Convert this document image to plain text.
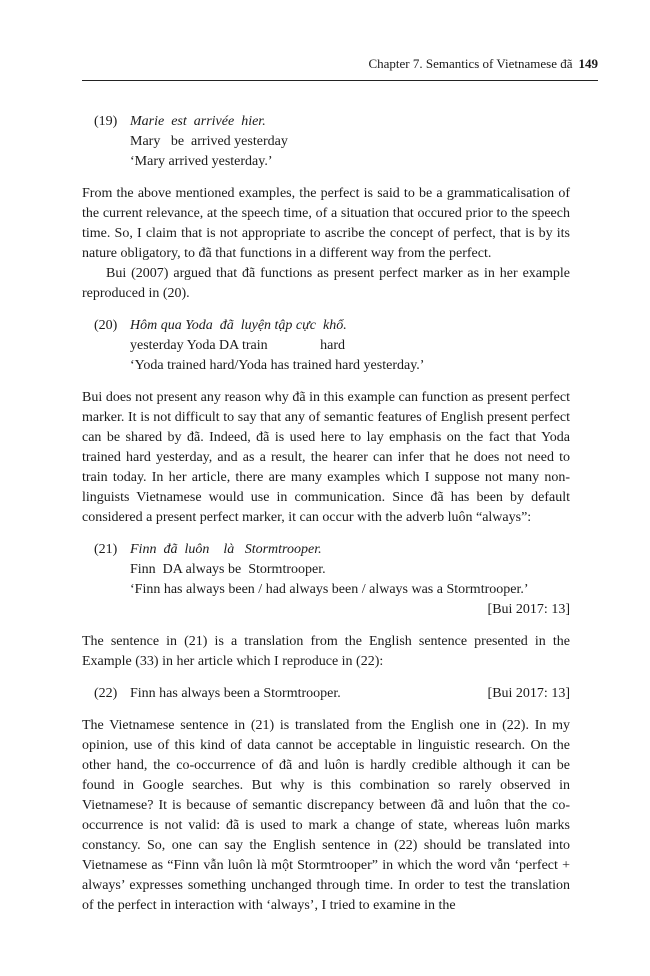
Chapter 7. Semantics of Vietnamese đã 149
(19) Marie  est  arrivée  hier.
Mary   be  arrived yesterday
‘Mary arrived yesterday.’

From the above mentioned examples, the perfect is said to be a grammaticalisation of the current relevance, at the speech time, of a situation that occured prior to the speech time. So, I claim that is not appropriate to ascribe the concept of perfect, that is by its nature obligatory, to đã that functions in a different way from the perfect.

Bui (2007) argued that đã functions as present perfect marker as in her example reproduced in (20).

(20) Hôm qua Yoda  đã  luyện tập cực  khổ.
yesterday Yoda DA train               hard
‘Yoda trained hard/Yoda has trained hard yesterday.’

Bui does not present any reason why đã in this example can function as present perfect marker. It is not difficult to say that any of semantic features of English present perfect can be shared by đã. Indeed, đã is used here to lay emphasis on the fact that Yoda trained hard yesterday, and as a result, the hearer can infer that he does not need to train today. In her article, there are many examples which I suppose not many non-linguists Vietnamese would use in communication. Since đã has been by default considered a present perfect marker, it can occur with the adverb luôn “always”:

(21) Finn  đã  luôn    là   Stormtrooper.
Finn  DA always be  Stormtrooper.
‘Finn has always been / had always been / always was a Stormtrooper.’
[Bui 2017: 13]

The sentence in (21) is a translation from the English sentence presented in the Example (33) in her article which I reproduce in (22):

(22) Finn has always been a Stormtrooper.	[Bui 2017: 13]

The Vietnamese sentence in (21) is translated from the English one in (22). In my opinion, use of this kind of data cannot be acceptable in linguistic research. On the other hand, the co-occurrence of đã and luôn is hardly credible although it can be found in Google searches. But why is this combination so rarely observed in Vietnamese? It is because of semantic discrepancy between đã and luôn that the co-occurrence is not valid: đã is used to mark a change of state, whereas luôn marks constancy. So, one can say the English sentence in (22) should be translated into Vietnamese as “Finn vẫn luôn là một Stormtrooper” in which the word vẫn ‘perfect + always’ expresses something unchanged through time. In order to test the translation of the perfect in interaction with ‘always’, I tried to examine in the
